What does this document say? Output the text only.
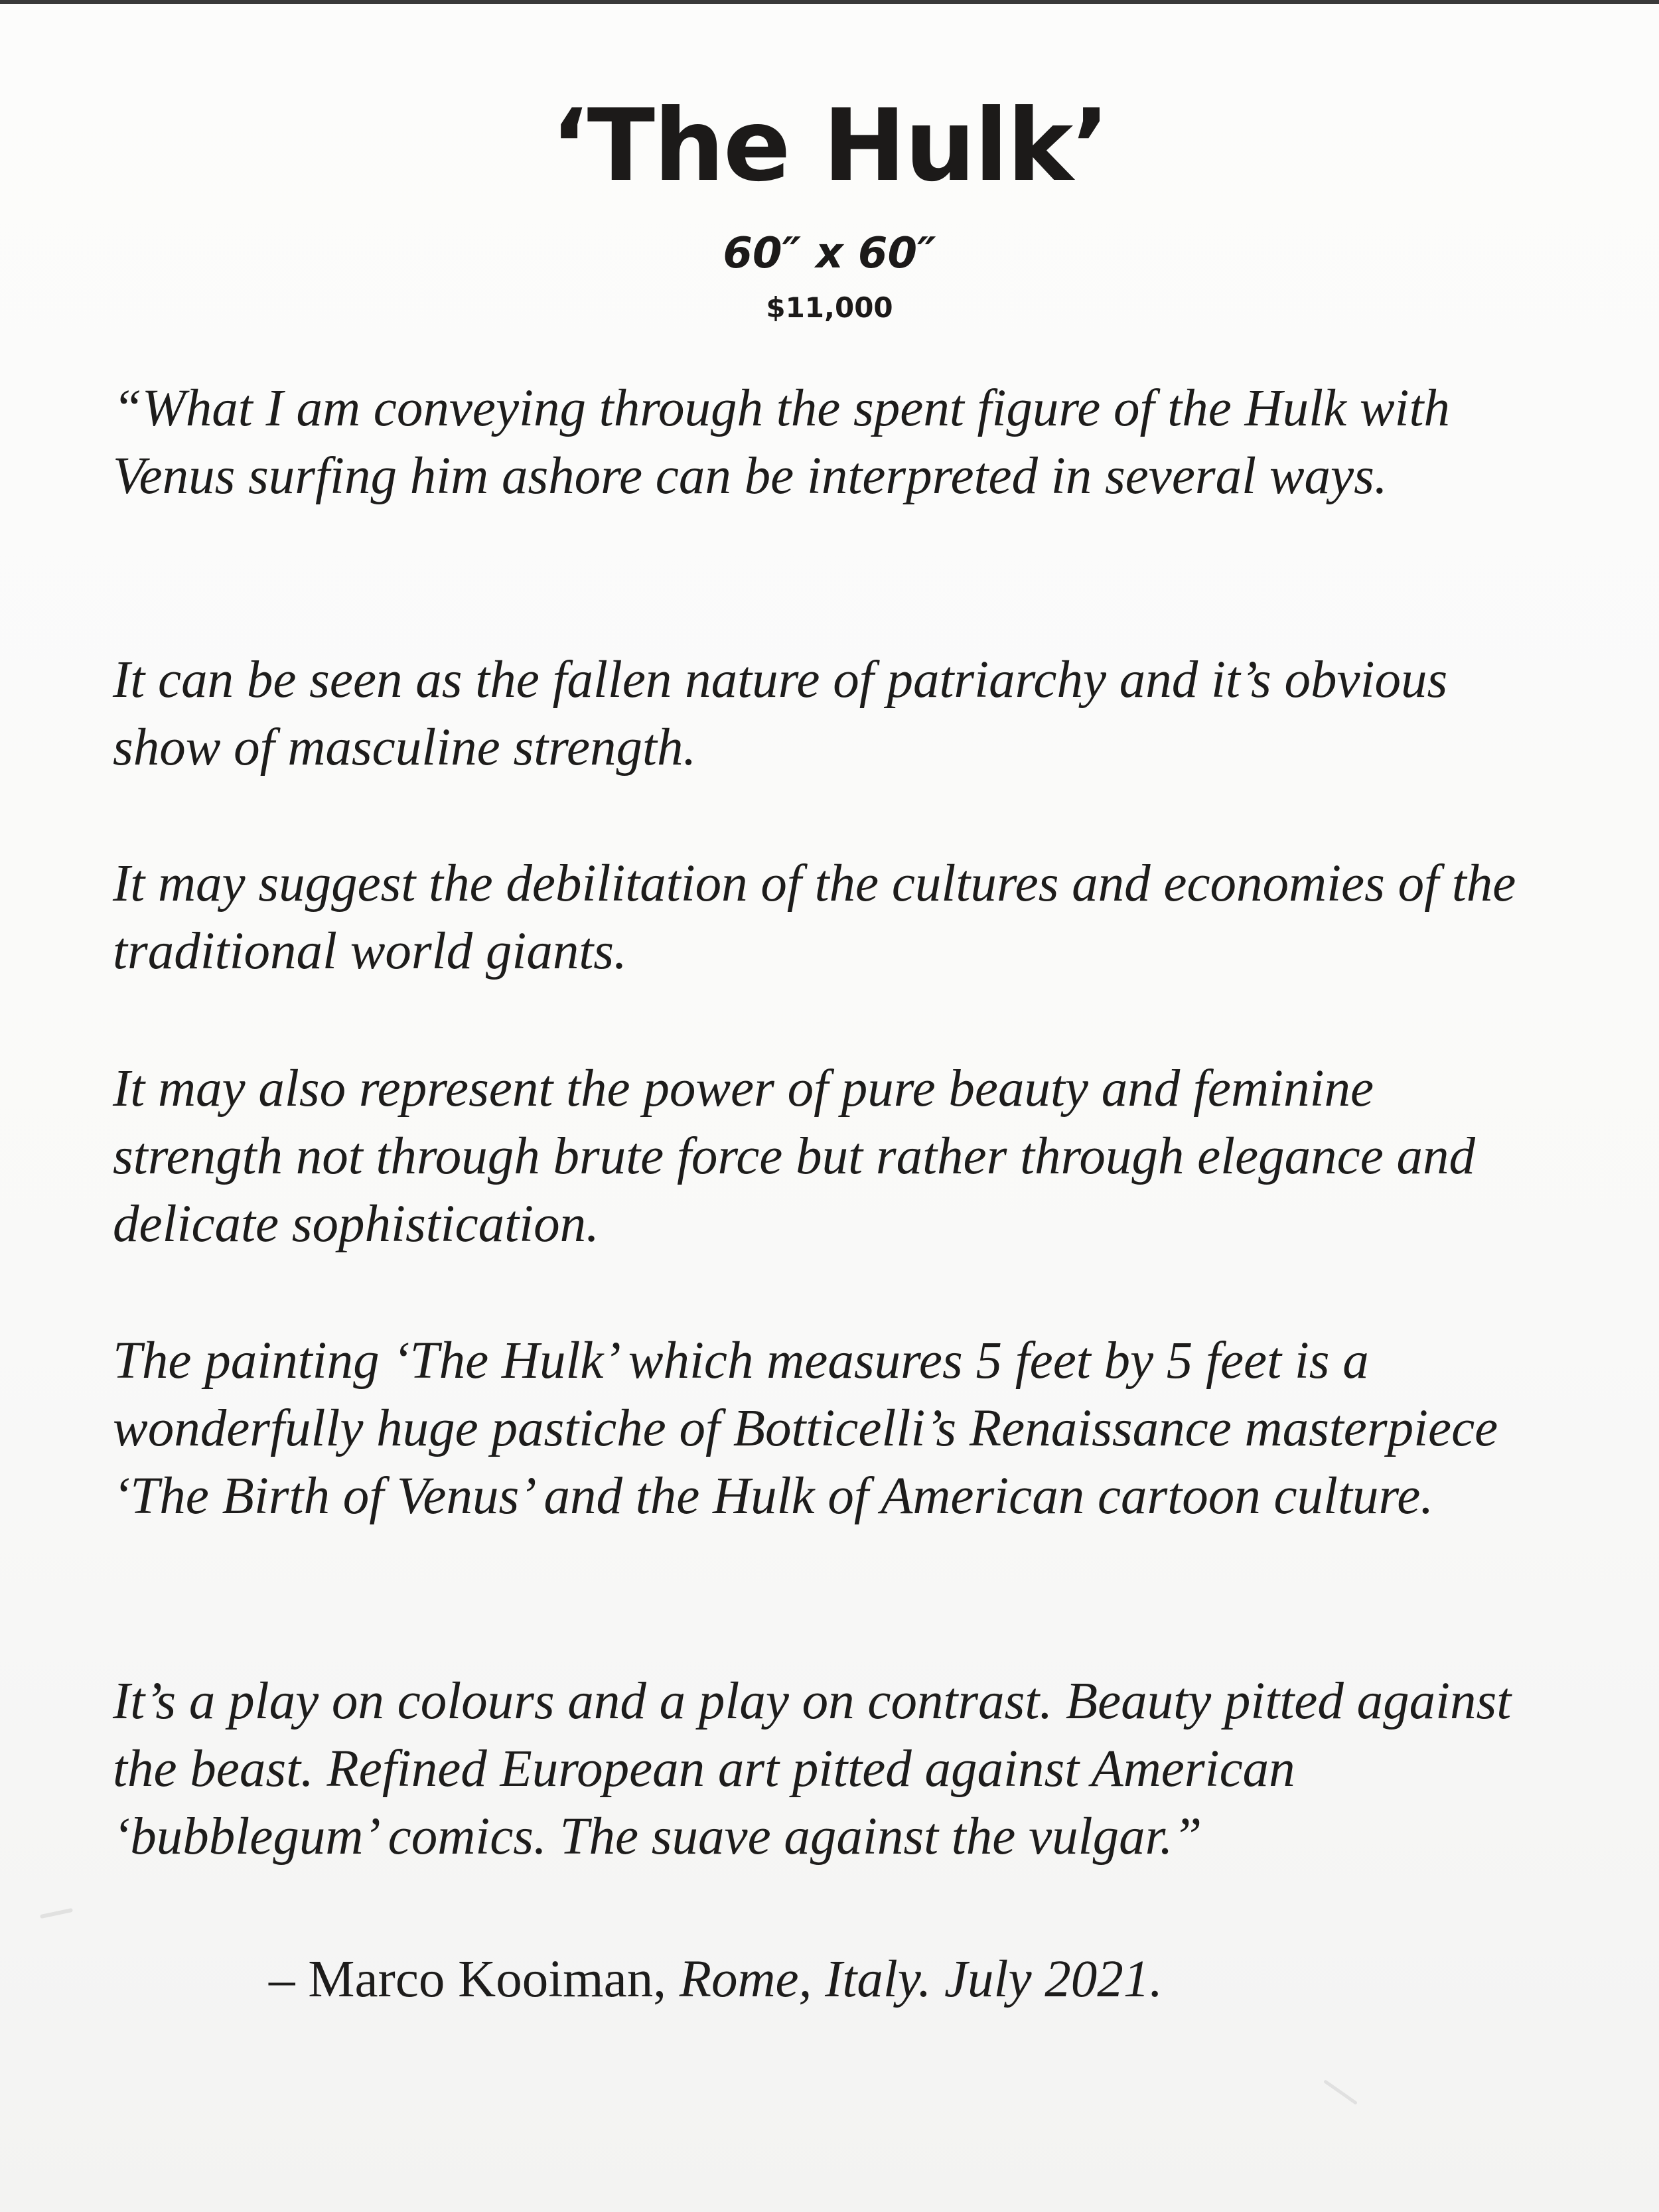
‘The Hulk’
60″ x 60″
$11,000

“What I am conveying through the spent figure of the Hulk with Venus surfing him ashore can be interpreted in several ways.

It can be seen as the fallen nature of patriarchy and it’s obvious show of masculine strength.

It may suggest the debilitation of the cultures and economies of the traditional world giants.

It may also represent the power of pure beauty and feminine strength not through brute force but rather through elegance and delicate sophistication.

The painting ‘The Hulk’ which measures 5 feet by 5 feet is a wonderfully huge pastiche of Botticelli’s Renaissance masterpiece ‘The Birth of Venus’ and the Hulk of American cartoon culture.

It’s a play on colours and a play on contrast. Beauty pitted against the beast. Refined European art pitted against American ‘bubblegum’ comics. The suave against the vulgar.”

– Marco Kooiman, Rome, Italy. July 2021.
